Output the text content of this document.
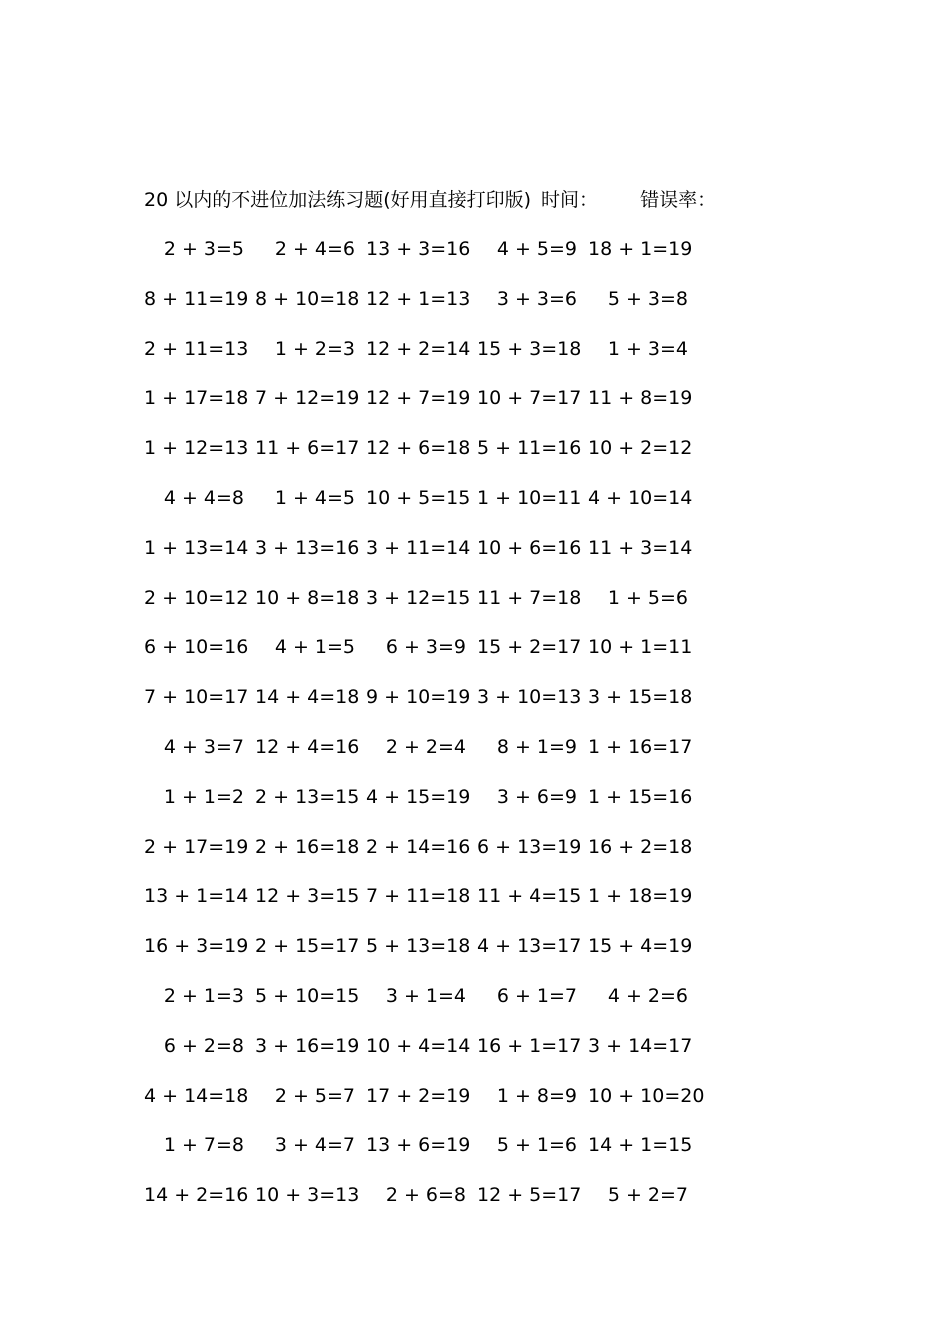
20 以内的不进位加法练习题(好用直接打印版) 时间： 错误率：
2 + 3=5	2 + 4=6 13 + 3=16	4 + 5=9 18 + 1=19
8 + 11=19 8 + 10=18 12 + 1=13	3 + 3=6	5 + 3=8
2 + 11=13	1 + 2=3 12 + 2=14 15 + 3=18	1 + 3=4
1 + 17=18 7 + 12=19 12 + 7=19 10 + 7=17 11 + 8=19
1 + 12=13 11 + 6=17 12 + 6=18 5 + 11=16 10 + 2=12
4 + 4=8	1 + 4=5 10 + 5=15 1 + 10=11 4 + 10=14
1 + 13=14 3 + 13=16 3 + 11=14 10 + 6=16 11 + 3=14
2 + 10=12 10 + 8=18 3 + 12=15 11 + 7=18	1 + 5=6
6 + 10=16	4 + 1=5	6 + 3=9 15 + 2=17 10 + 1=11
7 + 10=17 14 + 4=18 9 + 10=19 3 + 10=13 3 + 15=18
4 + 3=7 12 + 4=16	2 + 2=4	8 + 1=9 1 + 16=17
1 + 1=2 2 + 13=15 4 + 15=19	3 + 6=9 1 + 15=16
2 + 17=19 2 + 16=18 2 + 14=16 6 + 13=19 16 + 2=18
13 + 1=14 12 + 3=15 7 + 11=18 11 + 4=15 1 + 18=19
16 + 3=19 2 + 15=17 5 + 13=18 4 + 13=17 15 + 4=19
2 + 1=3 5 + 10=15	3 + 1=4	6 + 1=7	4 + 2=6
6 + 2=8 3 + 16=19 10 + 4=14 16 + 1=17 3 + 14=17
4 + 14=18	2 + 5=7 17 + 2=19	1 + 8=9 10 + 10=20
1 + 7=8	3 + 4=7 13 + 6=19	5 + 1=6 14 + 1=15
14 + 2=16 10 + 3=13	2 + 6=8 12 + 5=17	5 + 2=7
